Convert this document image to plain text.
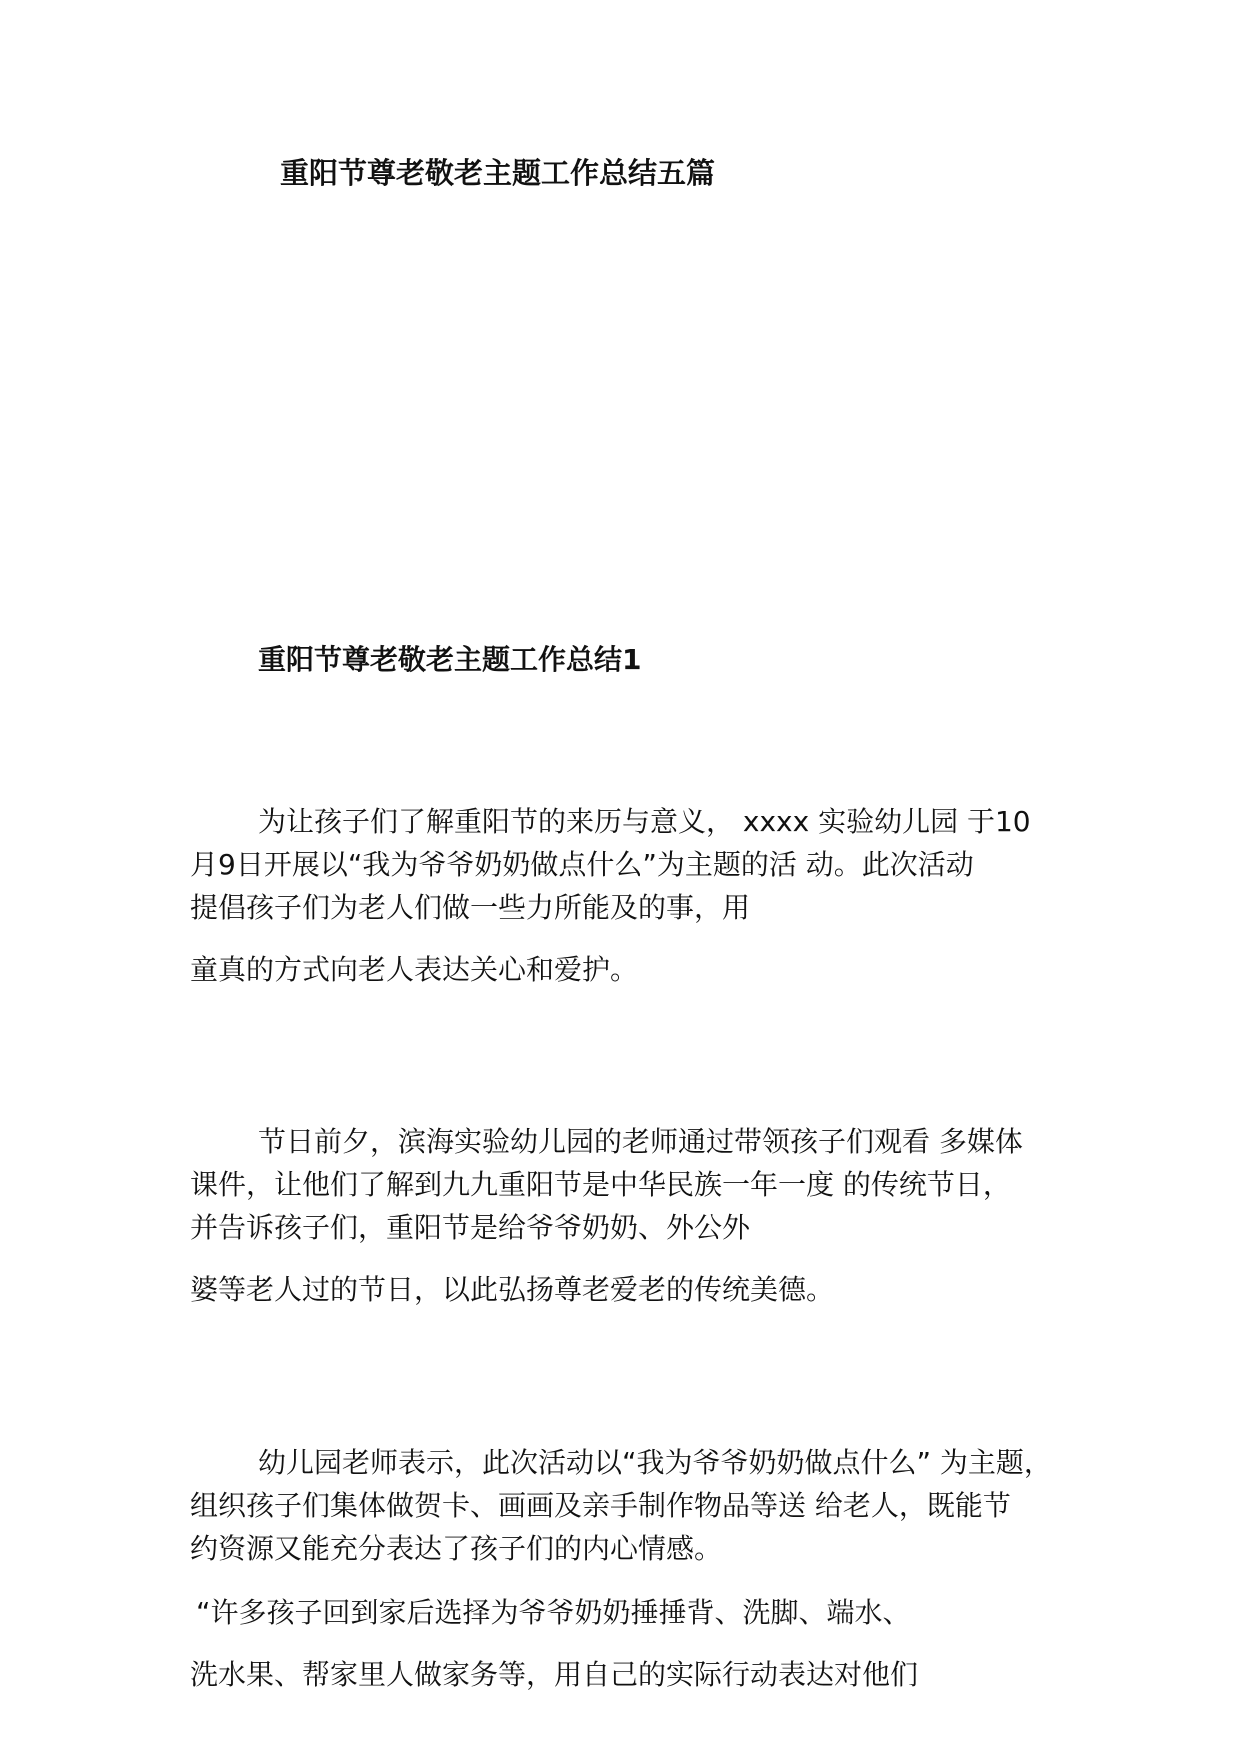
重阳节尊老敬老主题工作总结五篇
重阳节尊老敬老主题工作总结1

为让孩子们了解重阳节的来历与意义， xxxx 实验幼儿园 于10

月9日开展以“我为爷爷奶奶做点什么”为主题的活 动。此次活动

提倡孩子们为老人们做一些力所能及的事，用

童真的方式向老人表达关心和爱护。

节日前夕，滨海实验幼儿园的老师通过带领孩子们观看 多媒体

课件，让他们了解到九九重阳节是中华民族一年一度 的传统节日，

并告诉孩子们，重阳节是给爷爷奶奶、外公外

婆等老人过的节日，以此弘扬尊老爱老的传统美德。

幼儿园老师表示，此次活动以“我为爷爷奶奶做点什么” 为主题，

组织孩子们集体做贺卡、画画及亲手制作物品等送 给老人，既能节

约资源又能充分表达了孩子们的内心情感。

“许多孩子回到家后选择为爷爷奶奶捶捶背、洗脚、端水、

洗水果、帮家里人做家务等，用自己的实际行动表达对他们
